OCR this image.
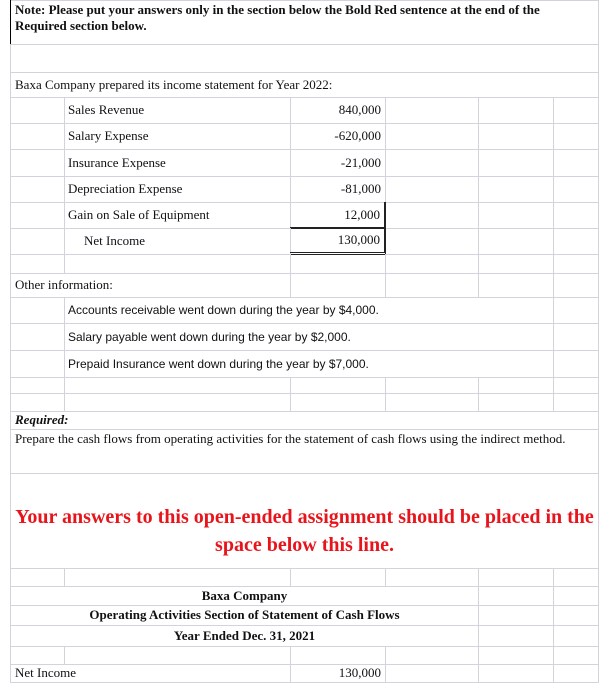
Note: Please put your answers only in the section below the Bold Red sentence at the end of the Required section below.
Baxa Company prepared its income statement for Year 2022:
Sales Revenue	840,000
Salary Expense	-620,000
Insurance Expense	-21,000
Depreciation Expense	-81,000
Gain on Sale of Equipment	12,000
Net Income	130,000
Other information:
Accounts receivable went down during the year by $4,000.
Salary payable went down during the year by $2,000.
Prepaid Insurance went down during the year by $7,000.
Required:
Prepare the cash flows from operating activities for the statement of cash flows using the indirect method.
Your answers to this open-ended assignment should be placed in the space below this line.
Baxa Company
Operating Activities Section of Statement of Cash Flows
Year Ended Dec. 31, 2021
Net Income	130,000
